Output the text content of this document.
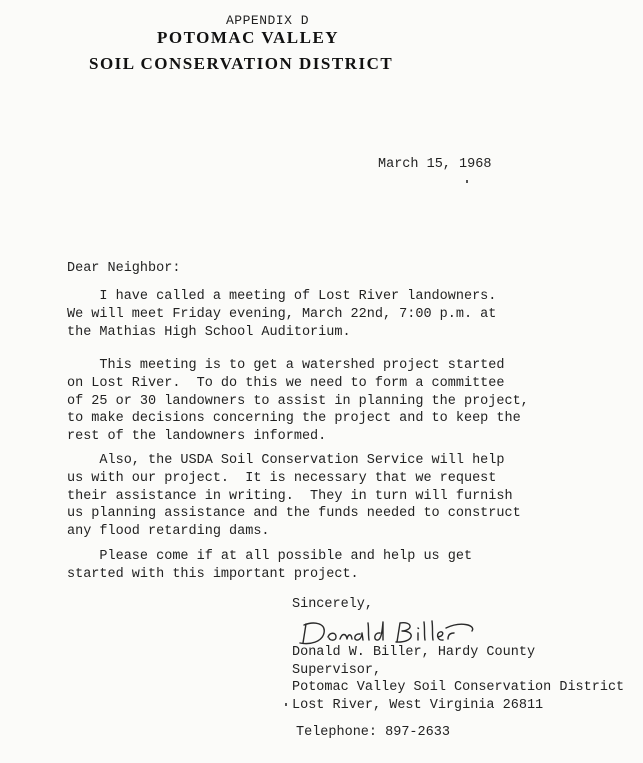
APPENDIX D
POTOMAC VALLEY
SOIL CONSERVATION DISTRICT
March 15, 1968
Dear Neighbor:
I have called a meeting of Lost River landowners.
We will meet Friday evening, March 22nd, 7:00 p.m. at
the Mathias High School Auditorium.
This meeting is to get a watershed project started
on Lost River.  To do this we need to form a committee
of 25 or 30 landowners to assist in planning the project,
to make decisions concerning the project and to keep the
rest of the landowners informed.
Also, the USDA Soil Conservation Service will help
us with our project.  It is necessary that we request
their assistance in writing.  They in turn will furnish
us planning assistance and the funds needed to construct
any flood retarding dams.
Please come if at all possible and help us get
started with this important project.
Sincerely,
Donald W. Biller, Hardy County
Supervisor,
Potomac Valley Soil Conservation District
Lost River, West Virginia 26811
Telephone: 897-2633
